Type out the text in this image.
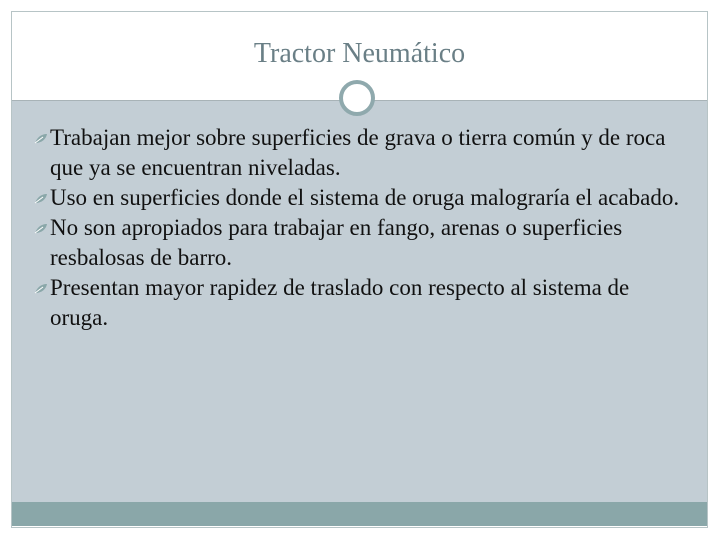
Tractor Neumático
Trabajan mejor sobre superficies de grava o tierra común y de roca que ya se encuentran niveladas.
Uso en superficies donde el sistema de oruga malograría el acabado.
No son apropiados para trabajar en fango, arenas o superficies resbalosas de barro.
Presentan mayor rapidez de traslado con respecto al sistema de oruga.
